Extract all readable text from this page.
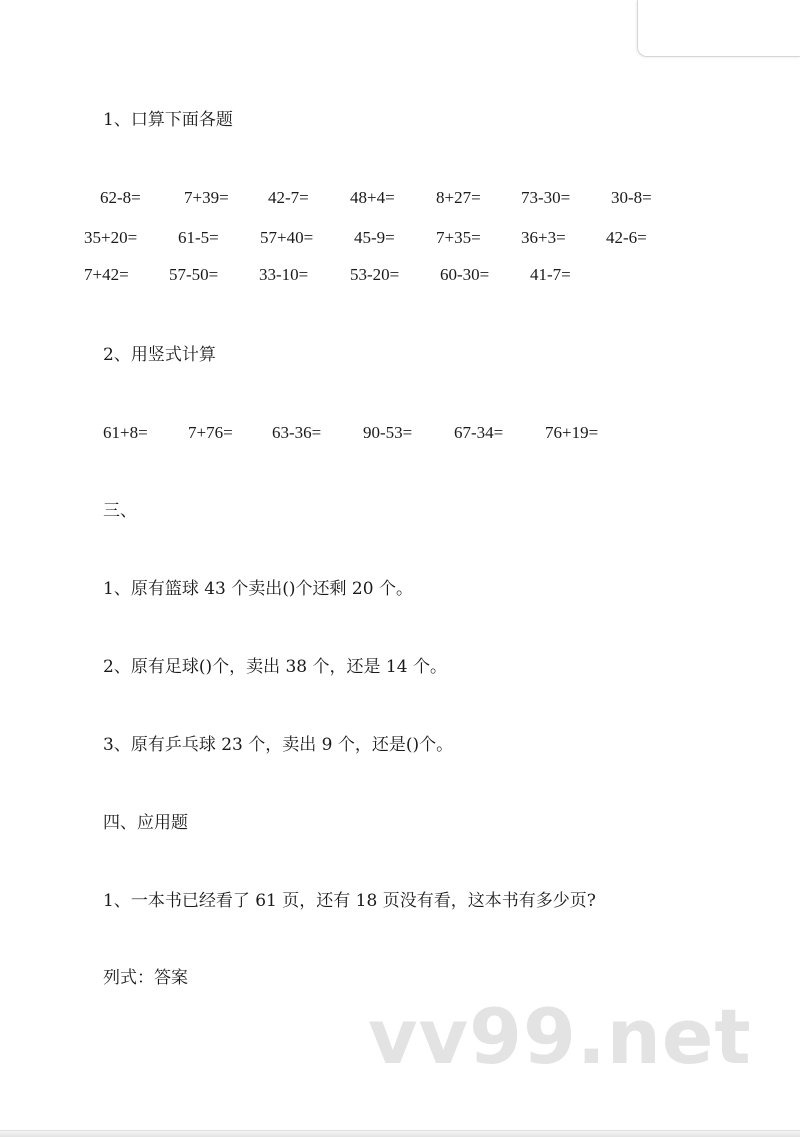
1、口算下面各题
62-8=	7+39= 42-7= 48+4= 8+27= 73-30= 30-8=
35+20= 61-5= 57+40= 45-9= 7+35= 36+3= 42-6=
7+42= 57-50= 33-10= 53-20= 60-30= 41-7=
2、用竖式计算
61+8= 7+76= 63-36= 90-53= 67-34= 76+19=
三、
1、原有篮球 43 个卖出()个还剩 20 个。
2、原有足球()个，卖出 38 个，还是 14 个。
3、原有乒乓球 23 个，卖出 9 个，还是()个。
四、应用题
1、一本书已经看了 61 页，还有 18 页没有看，这本书有多少页?
列式：答案
vv99.net
